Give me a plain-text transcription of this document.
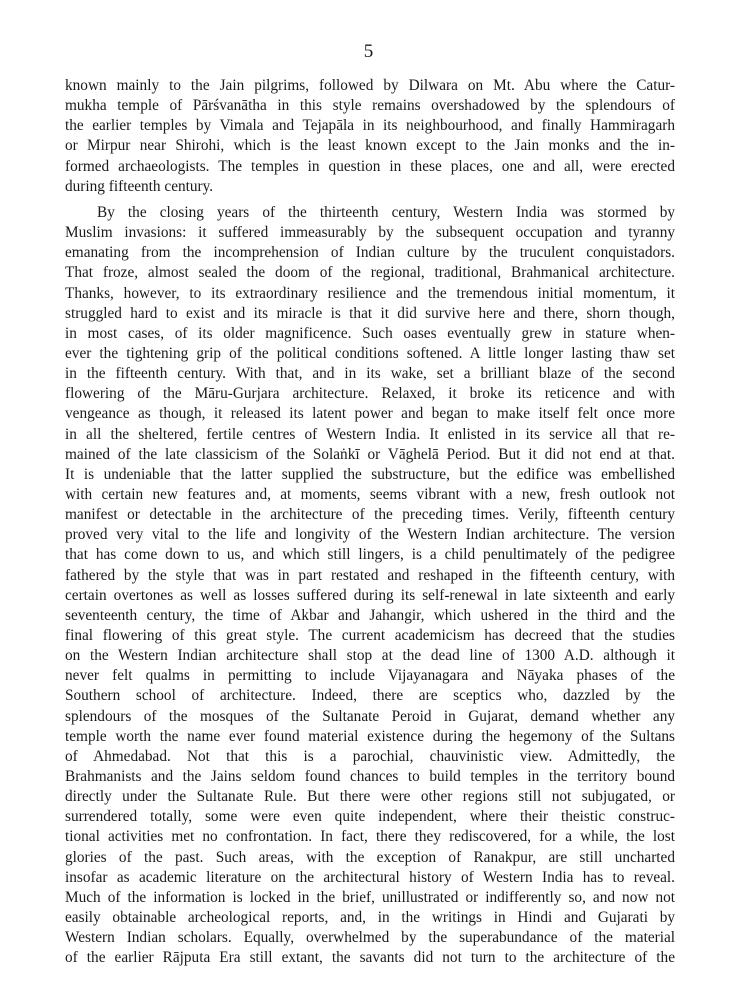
5
known mainly to the Jain pilgrims, followed by Dilwara on Mt. Abu where the Catur-
mukha temple of Pārśvanātha in this style remains overshadowed by the splendours of
the earlier temples by Vimala and Tejapāla in its neighbourhood, and finally Hammiragarh
or Mirpur near Shirohi, which is the least known except to the Jain monks and the in-
formed archaeologists. The temples in question in these places, one and all, were erected
during fifteenth century.
By the closing years of the thirteenth century, Western India was stormed by
Muslim invasions: it suffered immeasurably by the subsequent occupation and tyranny
emanating from the incomprehension of Indian culture by the truculent conquistadors.
That froze, almost sealed the doom of the regional, traditional, Brahmanical architecture.
Thanks, however, to its extraordinary resilience and the tremendous initial momentum, it
struggled hard to exist and its miracle is that it did survive here and there, shorn though,
in most cases, of its older magnificence. Such oases eventually grew in stature when-
ever the tightening grip of the political conditions softened. A little longer lasting thaw set
in the fifteenth century. With that, and in its wake, set a brilliant blaze of the second
flowering of the Māru-Gurjara architecture. Relaxed, it broke its reticence and with
vengeance as though, it released its latent power and began to make itself felt once more
in all the sheltered, fertile centres of Western India. It enlisted in its service all that re-
mained of the late classicism of the Solaṅkī or Vāghelā Period. But it did not end at that.
It is undeniable that the latter supplied the substructure, but the edifice was embellished
with certain new features and, at moments, seems vibrant with a new, fresh outlook not
manifest or detectable in the architecture of the preceding times. Verily, fifteenth century
proved very vital to the life and longivity of the Western Indian architecture. The version
that has come down to us, and which still lingers, is a child penultimately of the pedigree
fathered by the style that was in part restated and reshaped in the fifteenth century, with
certain overtones as well as losses suffered during its self-renewal in late sixteenth and early
seventeenth century, the time of Akbar and Jahangir, which ushered in the third and the
final flowering of this great style. The current academicism has decreed that the studies
on the Western Indian architecture shall stop at the dead line of 1300 A.D. although it
never felt qualms in permitting to include Vijayanagara and Nāyaka phases of the
Southern school of architecture. Indeed, there are sceptics who, dazzled by the
splendours of the mosques of the Sultanate Peroid in Gujarat, demand whether any
temple worth the name ever found material existence during the hegemony of the Sultans
of Ahmedabad. Not that this is a parochial, chauvinistic view. Admittedly, the
Brahmanists and the Jains seldom found chances to build temples in the territory bound
directly under the Sultanate Rule. But there were other regions still not subjugated, or
surrendered totally, some were even quite independent, where their theistic construc-
tional activities met no confrontation. In fact, there they rediscovered, for a while, the lost
glories of the past. Such areas, with the exception of Ranakpur, are still uncharted
insofar as academic literature on the architectural history of Western India has to reveal.
Much of the information is locked in the brief, unillustrated or indifferently so, and now not
easily obtainable archeological reports, and, in the writings in Hindi and Gujarati by
Western Indian scholars. Equally, overwhelmed by the superabundance of the material
of the earlier Rājputa Era still extant, the savants did not turn to the architecture of the
